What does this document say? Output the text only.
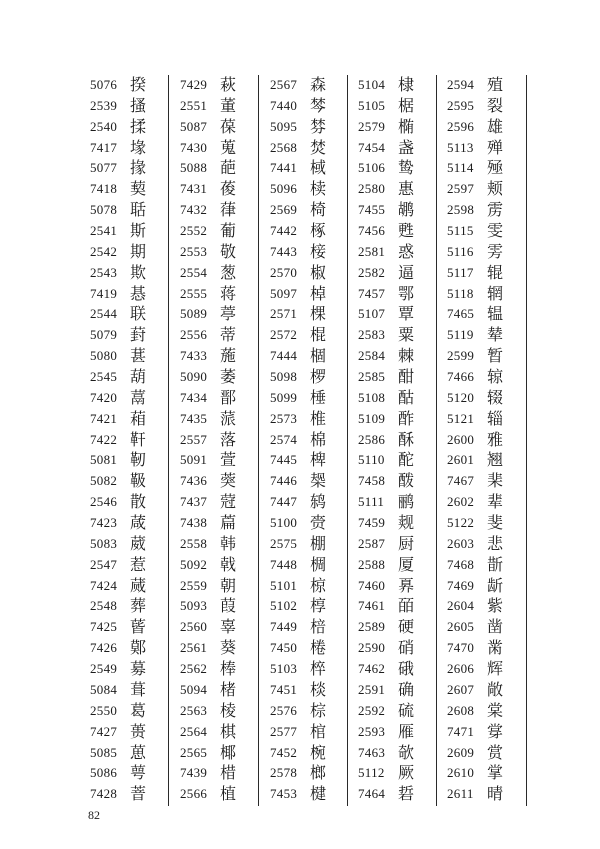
5076 揆
2539 搔
2540 揉
7417 堟
5077 掾
7418 葜
5078 聒
2541 斯
2542 期
2543 欺
7419 惎
2544 联
5079 葑
5080 葚
2545 葫
7420 蒚
7421 葙
7422 靬
5081 靭
5082 靸
2546 散
7423 葴
5083 葳
2547 惹
7424 蒇
2548 葬
7425 蒈
7426 鄚
2549 募
5084 葺
2550 葛
7427 蒉
5085 葸
5086 萼
7428 萻
7429 萩
2551 董
5087 葆
7430 蒐
5088 葩
7431 葰
7432 葎
2552 葡
2553 敬
2554 葱
2555 蒋
5089 葶
2556 蒂
7433 葹
5090 萎
7434 鄑
7435 蒎
2557 落
5091 萱
7436 葖
7437 蒄
7438 萹
2558 韩
5092 戟
2559 朝
5093 葭
2560 辜
2561 葵
2562 棒
5094 楮
2563 棱
2564 棋
2565 椰
7439 棤
2566 植
2567 森
7440 棽
5095 棼
2568 焚
7441 棫
5096 椟
2569 椅
7442 椓
7443 椄
2570 椒
5097 棹
2571 棵
2572 棍
7444 棝
5098 椤
5099 棰
2573 椎
2574 棉
7445 椑
7446 椝
7447 鸫
5100 赍
2575 棚
7448 椆
5101 椋
5102 椁
7449 棓
7450 棬
5103 椊
7451 棪
2576 棕
2577 棺
7452 椀
2578 榔
7453 楗
5104 棣
5105 椐
2579 椭
7454 盏
5106 鸷
2580 惠
7455 鹕
7456 甦
2581 惑
2582 逼
7457 鄂
5107 覃
2583 粟
2584 棘
2585 酣
5108 酤
5109 酢
2586 酥
5110 酡
7458 酦
5111 鹂
7459 觌
2587 厨
2588 厦
7460 奡
7461 皕
2589 硬
2590 硝
7462 硪
2591 确
2592 硫
2593 雁
7463 欹
5112 厥
7464 硩
2594 殖
2595 裂
2596 雄
5113 殚
5114 殛
2597 颊
2598 雳
5115 雯
5116 雱
5117 辊
5118 辋
7465 辒
5119 辇
2599 暂
7466 辌
5120 辍
5121 辎
2600 雅
2601 翘
7467 棐
2602 辈
5122 斐
2603 悲
7468 斮
7469 龂
2604 紫
2605 凿
7470 黹
2606 辉
2607 敞
2608 棠
7471 牚
2609 赏
2610 掌
2611 晴
82
